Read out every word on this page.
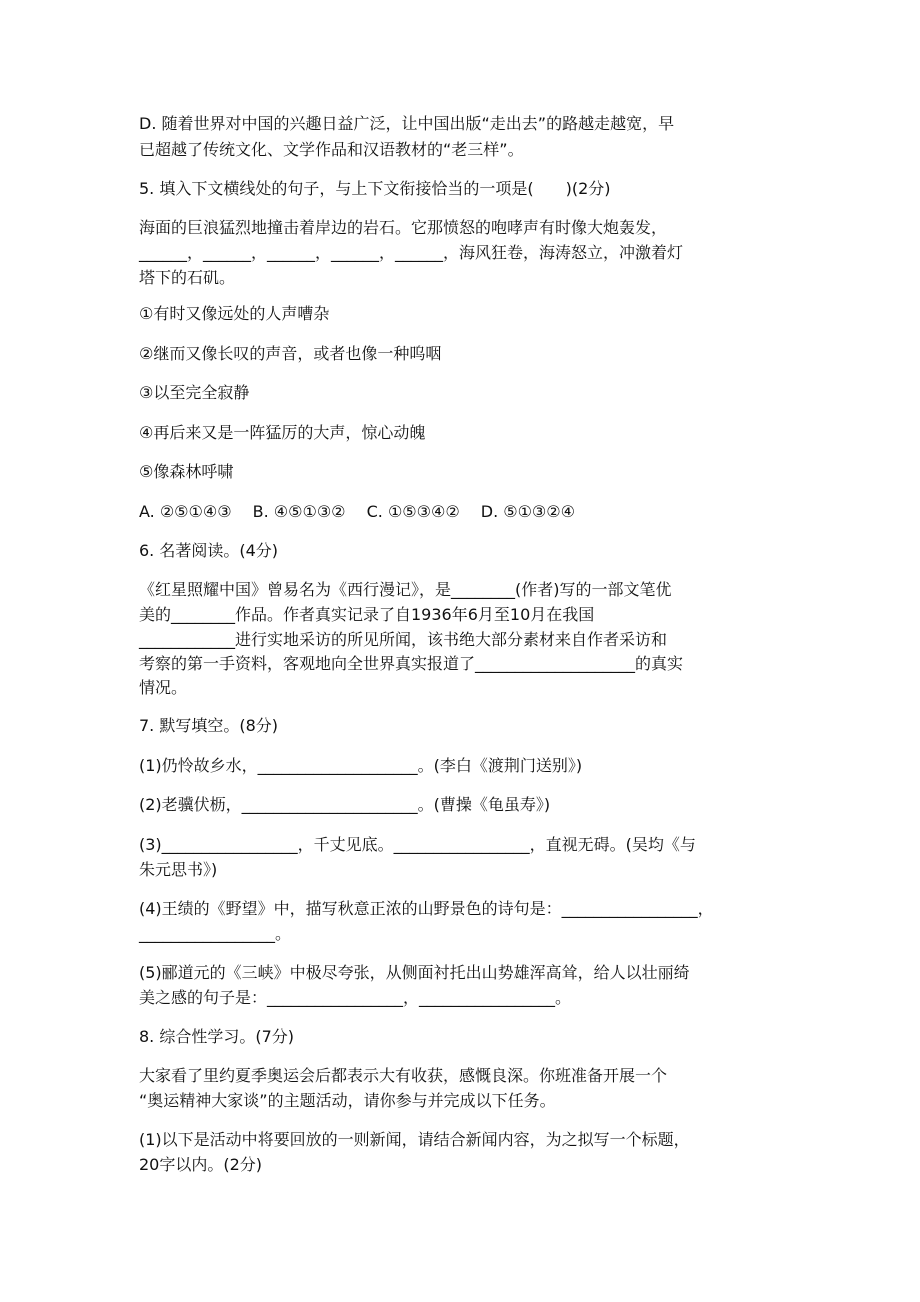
D. 随着世界对中国的兴趣日益广泛，让中国出版“走出去”的路越走越宽，早
已超越了传统文化、文学作品和汉语教材的“老三样”。
5. 填入下文横线处的句子，与上下文衔接恰当的一项是(　　)(2分)
海面的巨浪猛烈地撞击着岸边的岩石。它那愤怒的咆哮声有时像大炮轰发，
______，______，______，______，______，海风狂卷，海涛怒立，冲激着灯
塔下的石矶。
①有时又像远处的人声嘈杂
②继而又像长叹的声音，或者也像一种呜咽
③以至完全寂静
④再后来又是一阵猛厉的大声，惊心动魄
⑤像森林呼啸
A. ②⑤①④③　 B. ④⑤①③②　 C. ①⑤③④②　 D. ⑤①③②④
6. 名著阅读。(4分)
《红星照耀中国》曾易名为《西行漫记》，是________(作者)写的一部文笔优
美的________作品。作者真实记录了自1936年6月至10月在我国
____________进行实地采访的所见所闻，该书绝大部分素材来自作者采访和
考察的第一手资料，客观地向全世界真实报道了____________________的真实
情况。
7. 默写填空。(8分)
(1)仍怜故乡水，____________________。(李白《渡荆门送别》)
(2)老骥伏枥，______________________。(曹操《龟虽寿》)
(3)_________________，千丈见底。_________________，直视无碍。(吴均《与
朱元思书》)
(4)王绩的《野望》中，描写秋意正浓的山野景色的诗句是：_________________，
_________________。
(5)郦道元的《三峡》中极尽夸张，从侧面衬托出山势雄浑高耸，给人以壮丽绮
美之感的句子是：_________________，_________________。
8. 综合性学习。(7分)
大家看了里约夏季奥运会后都表示大有收获，感慨良深。你班准备开展一个
“奥运精神大家谈”的主题活动，请你参与并完成以下任务。
(1)以下是活动中将要回放的一则新闻，请结合新闻内容，为之拟写一个标题，
20字以内。(2分)
